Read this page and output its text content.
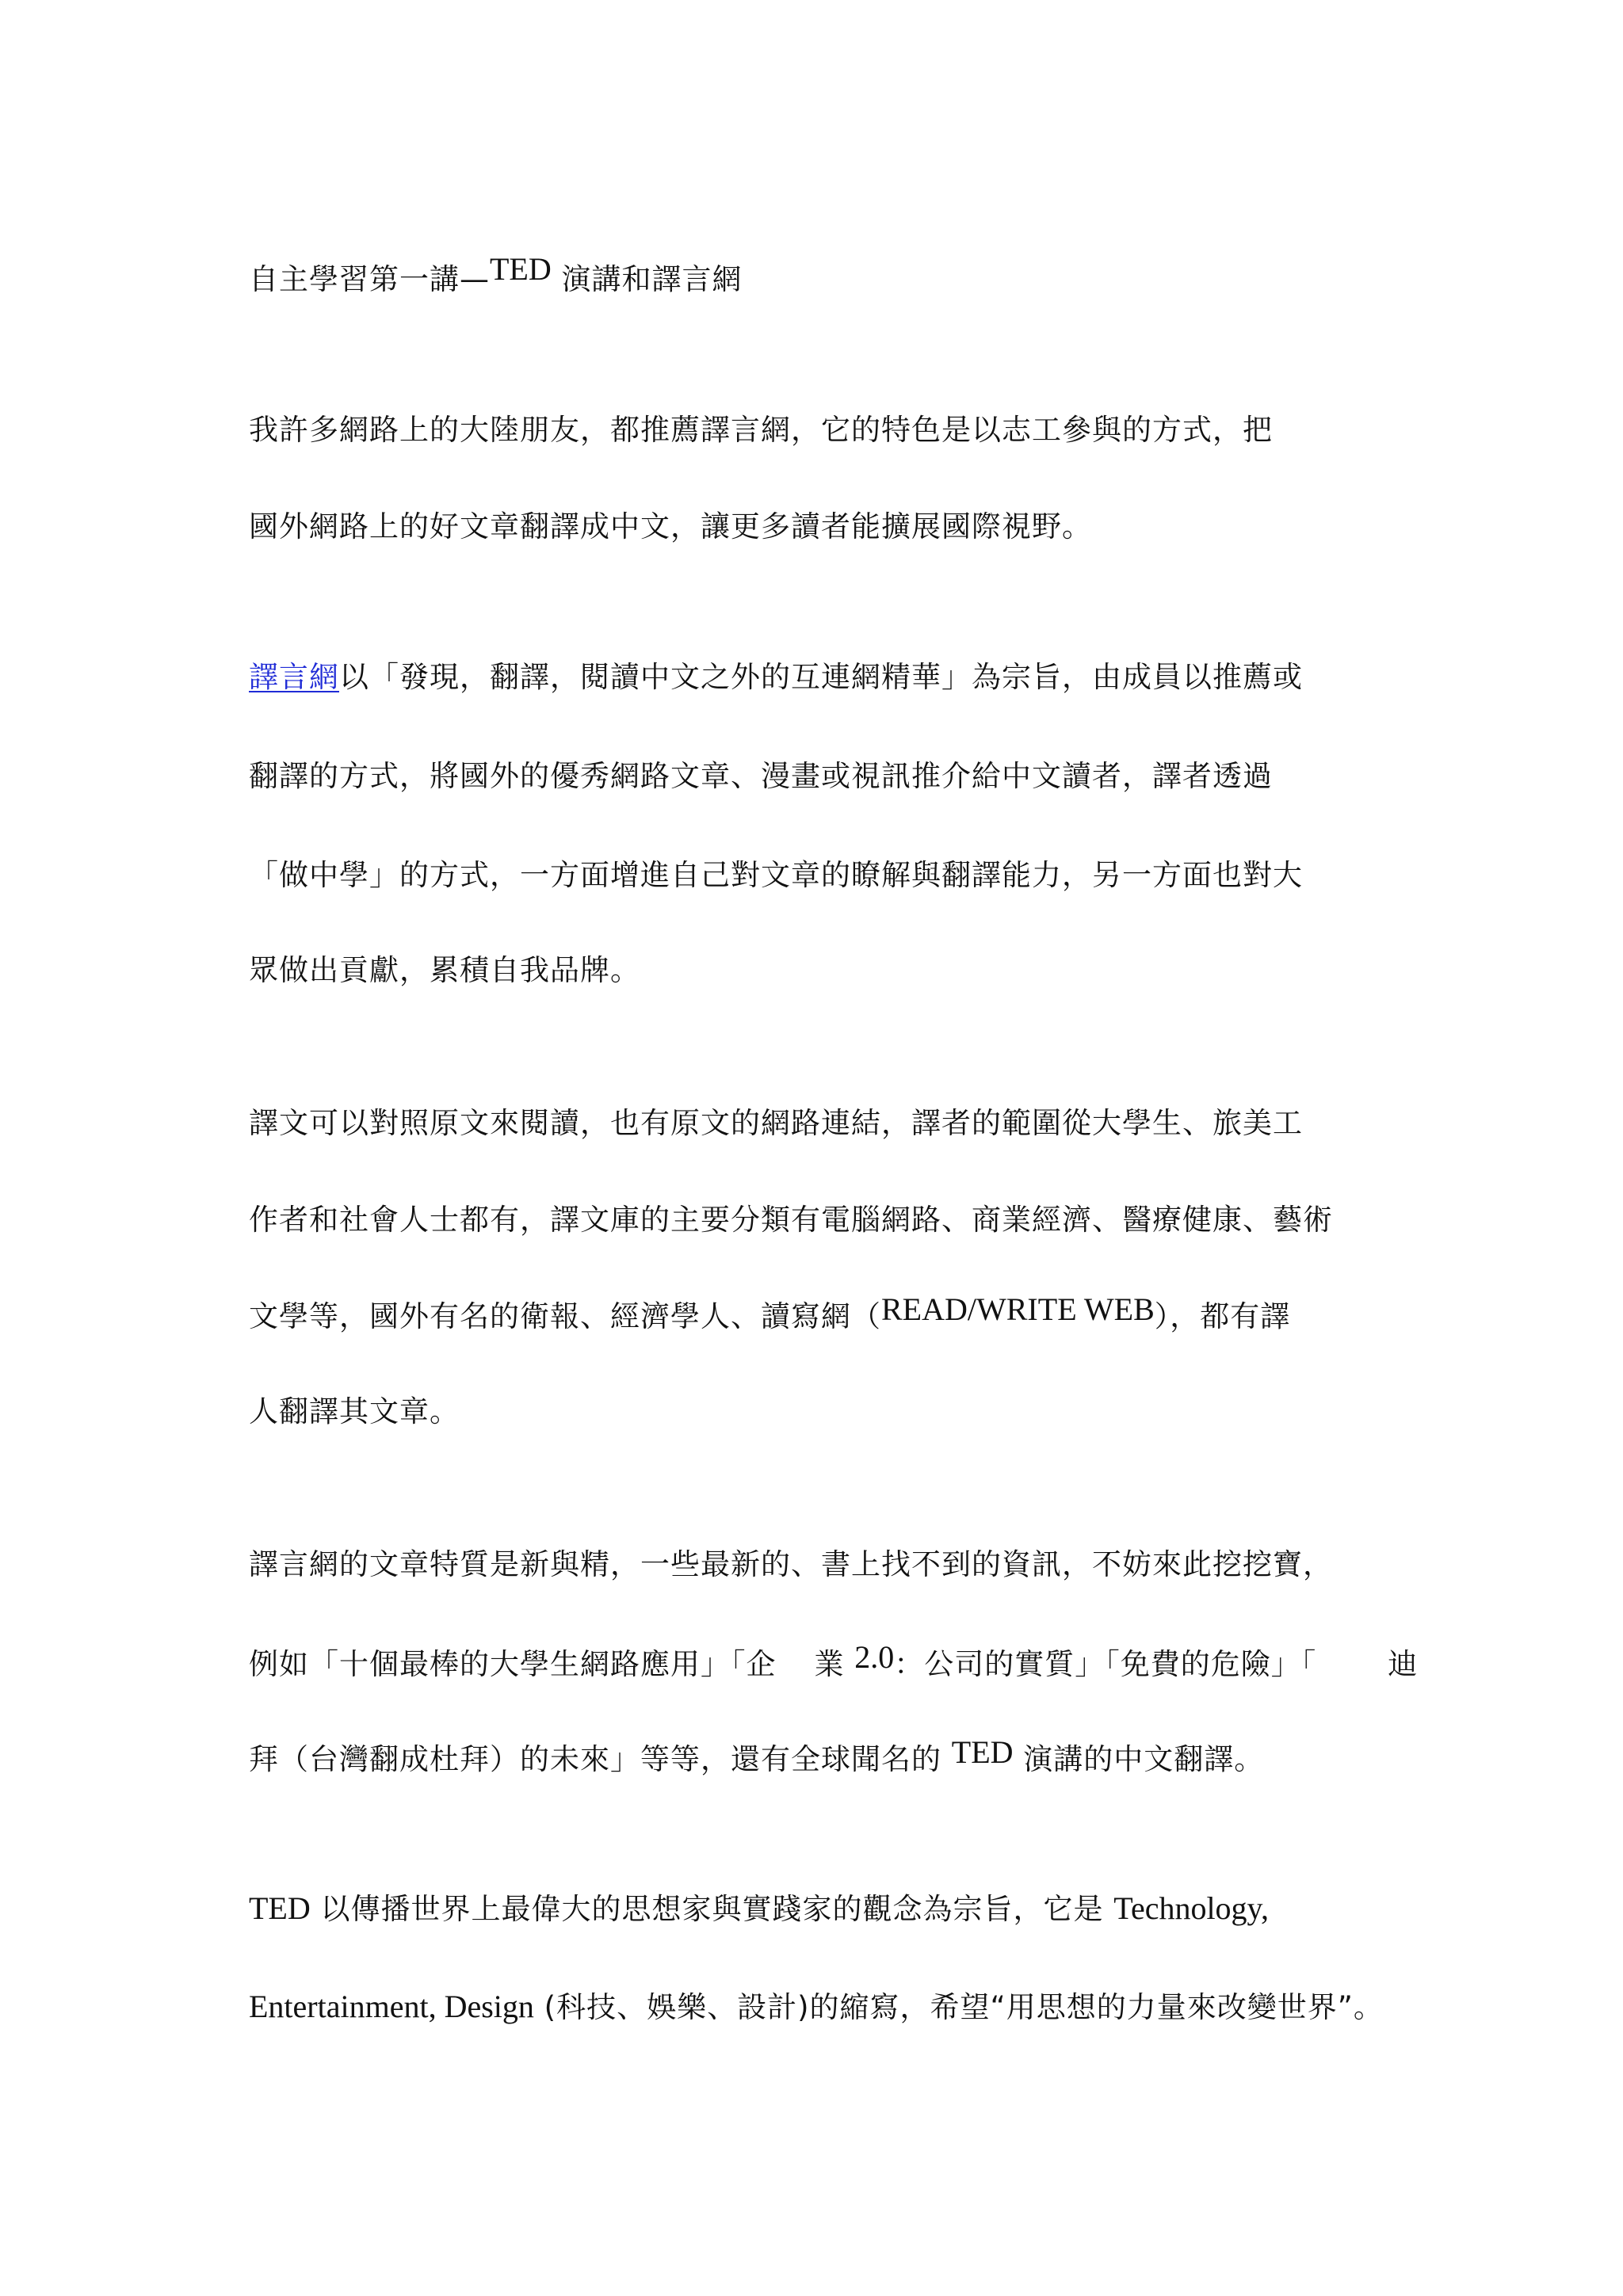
自主學習第一講—TED 演講和譯言網
我許多網路上的大陸朋友，都推薦譯言網，它的特色是以志工參與的方式，把
國外網路上的好文章翻譯成中文，讓更多讀者能擴展國際視野。
譯言網以「發現，翻譯，閱讀中文之外的互連網精華」為宗旨，由成員以推薦或
翻譯的方式，將國外的優秀網路文章、漫畫或視訊推介給中文讀者，譯者透過
「做中學」的方式，一方面增進自己對文章的瞭解與翻譯能力，另一方面也對大
眾做出貢獻，累積自我品牌。
譯文可以對照原文來閱讀，也有原文的網路連結，譯者的範圍從大學生、旅美工
作者和社會人士都有，譯文庫的主要分類有電腦網路、商業經濟、醫療健康、藝術
文學等，國外有名的衛報、經濟學人、讀寫網（READ/WRITE WEB），都有譯
人翻譯其文章。
譯言網的文章特質是新與精，一些最新的、書上找不到的資訊，不妨來此挖挖寶，
例如「十個最棒的大學生網路應用」「企 業 2.0：公司的實質」「免費的危險」「 迪
拜（台灣翻成杜拜）的未來」等等，還有全球聞名的 TED 演講的中文翻譯。
TED 以傳播世界上最偉大的思想家與實踐家的觀念為宗旨，它是 Technology,
Entertainment, Design (科技、娛樂、設計)的縮寫，希望“用思想的力量來改變世界”。
